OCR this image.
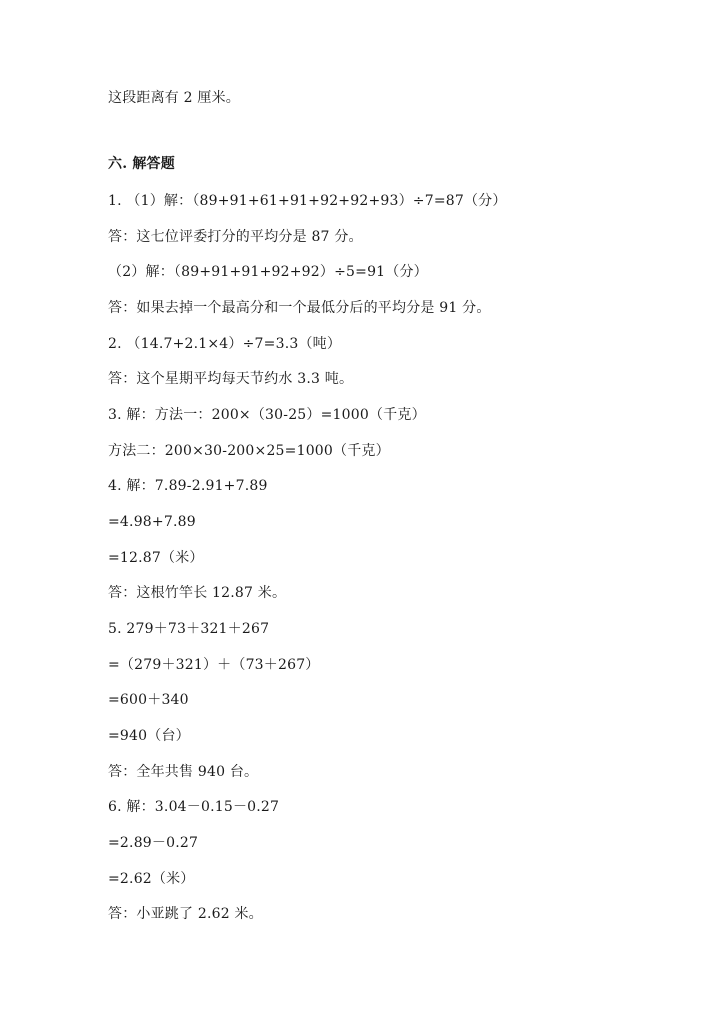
这段距离有 2 厘米。
六. 解答题
1. （1）解：（89+91+61+91+92+92+93）÷7=87（分）
答：这七位评委打分的平均分是 87 分。
（2）解：（89+91+91+92+92）÷5=91（分）
答：如果去掉一个最高分和一个最低分后的平均分是 91 分。
2. （14.7+2.1×4）÷7=3.3（吨）
答：这个星期平均每天节约水 3.3 吨。
3. 解：方法一：200×（30-25）=1000（千克）
方法二：200×30-200×25=1000（千克）
4. 解：7.89-2.91+7.89
=4.98+7.89
=12.87（米）
答：这根竹竿长 12.87 米。
5. 279＋73＋321＋267
=（279＋321）＋（73＋267）
=600＋340
=940（台）
答：全年共售 940 台。
6. 解：3.04－0.15－0.27
=2.89－0.27
=2.62（米）
答：小亚跳了 2.62 米。
